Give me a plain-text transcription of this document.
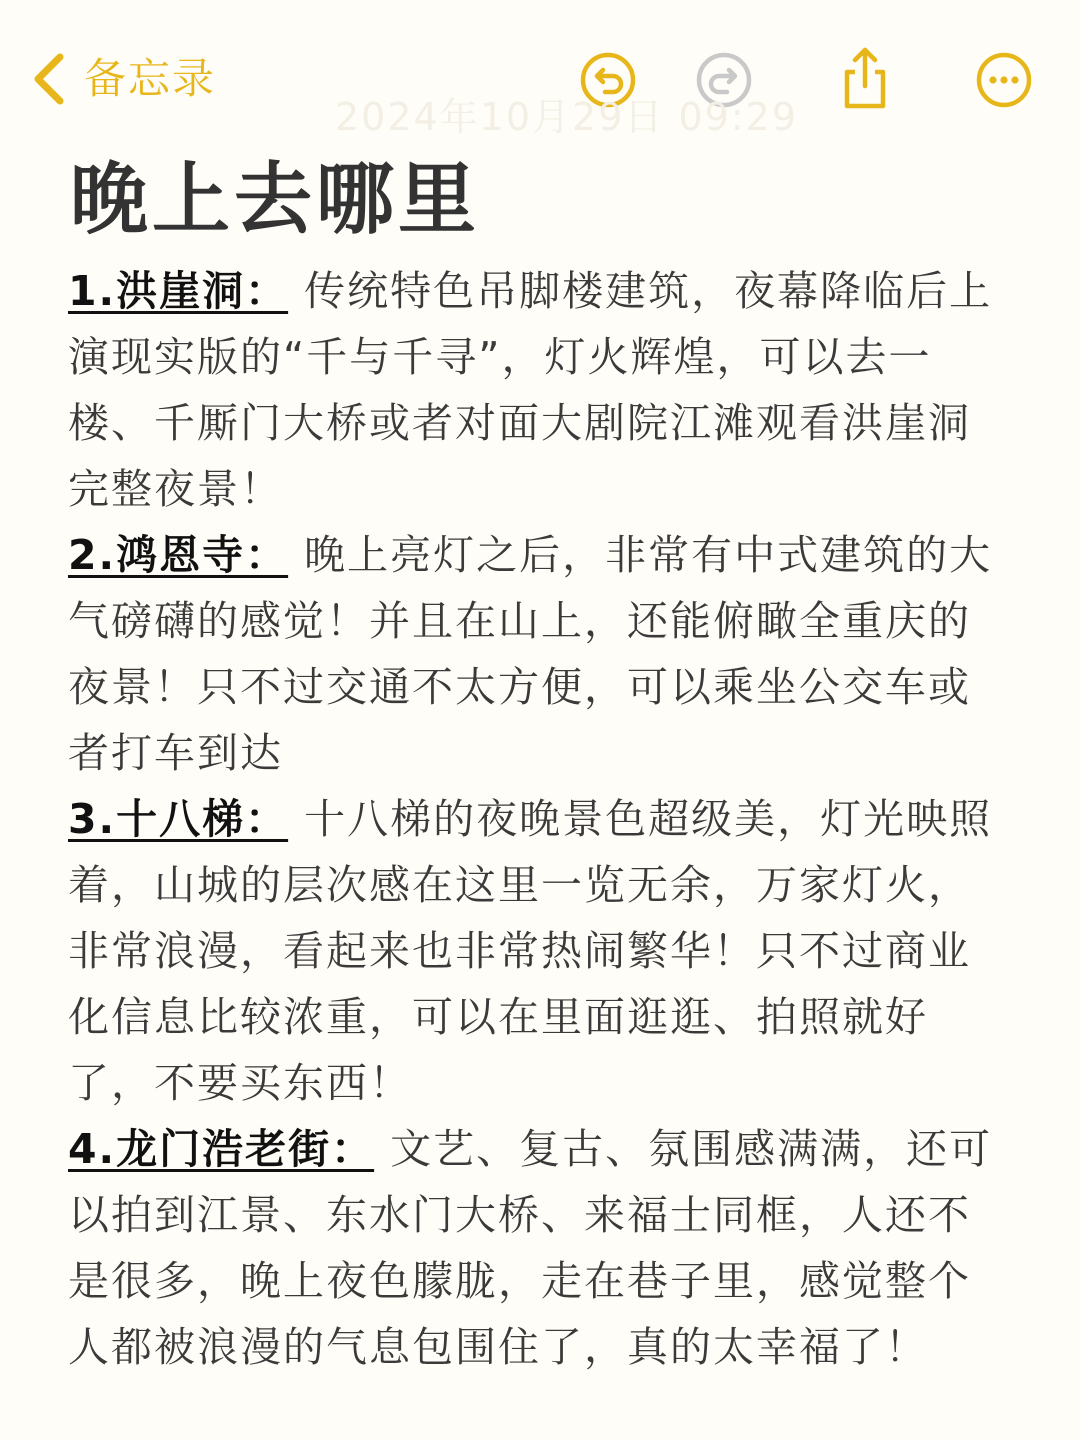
备忘录
2024年10月29日 09:29
晚上去哪里

1.洪崖洞： 传统特色吊脚楼建筑，夜幕降临后上演现实版的“千与千寻”，灯火辉煌，可以去一楼、千厮门大桥或者对面大剧院江滩观看洪崖洞完整夜景！

2.鸿恩寺： 晚上亮灯之后，非常有中式建筑的大气磅礴的感觉！并且在山上，还能俯瞰全重庆的夜景！只不过交通不太方便，可以乘坐公交车或者打车到达

3.十八梯： 十八梯的夜晚景色超级美，灯光映照着，山城的层次感在这里一览无余，万家灯火，非常浪漫，看起来也非常热闹繁华！只不过商业化信息比较浓重，可以在里面逛逛、拍照就好了，不要买东西！

4.龙门浩老街： 文艺、复古、氛围感满满，还可以拍到江景、东水门大桥、来福士同框，人还不是很多，晚上夜色朦胧，走在巷子里，感觉整个人都被浪漫的气息包围住了，真的太幸福了！
